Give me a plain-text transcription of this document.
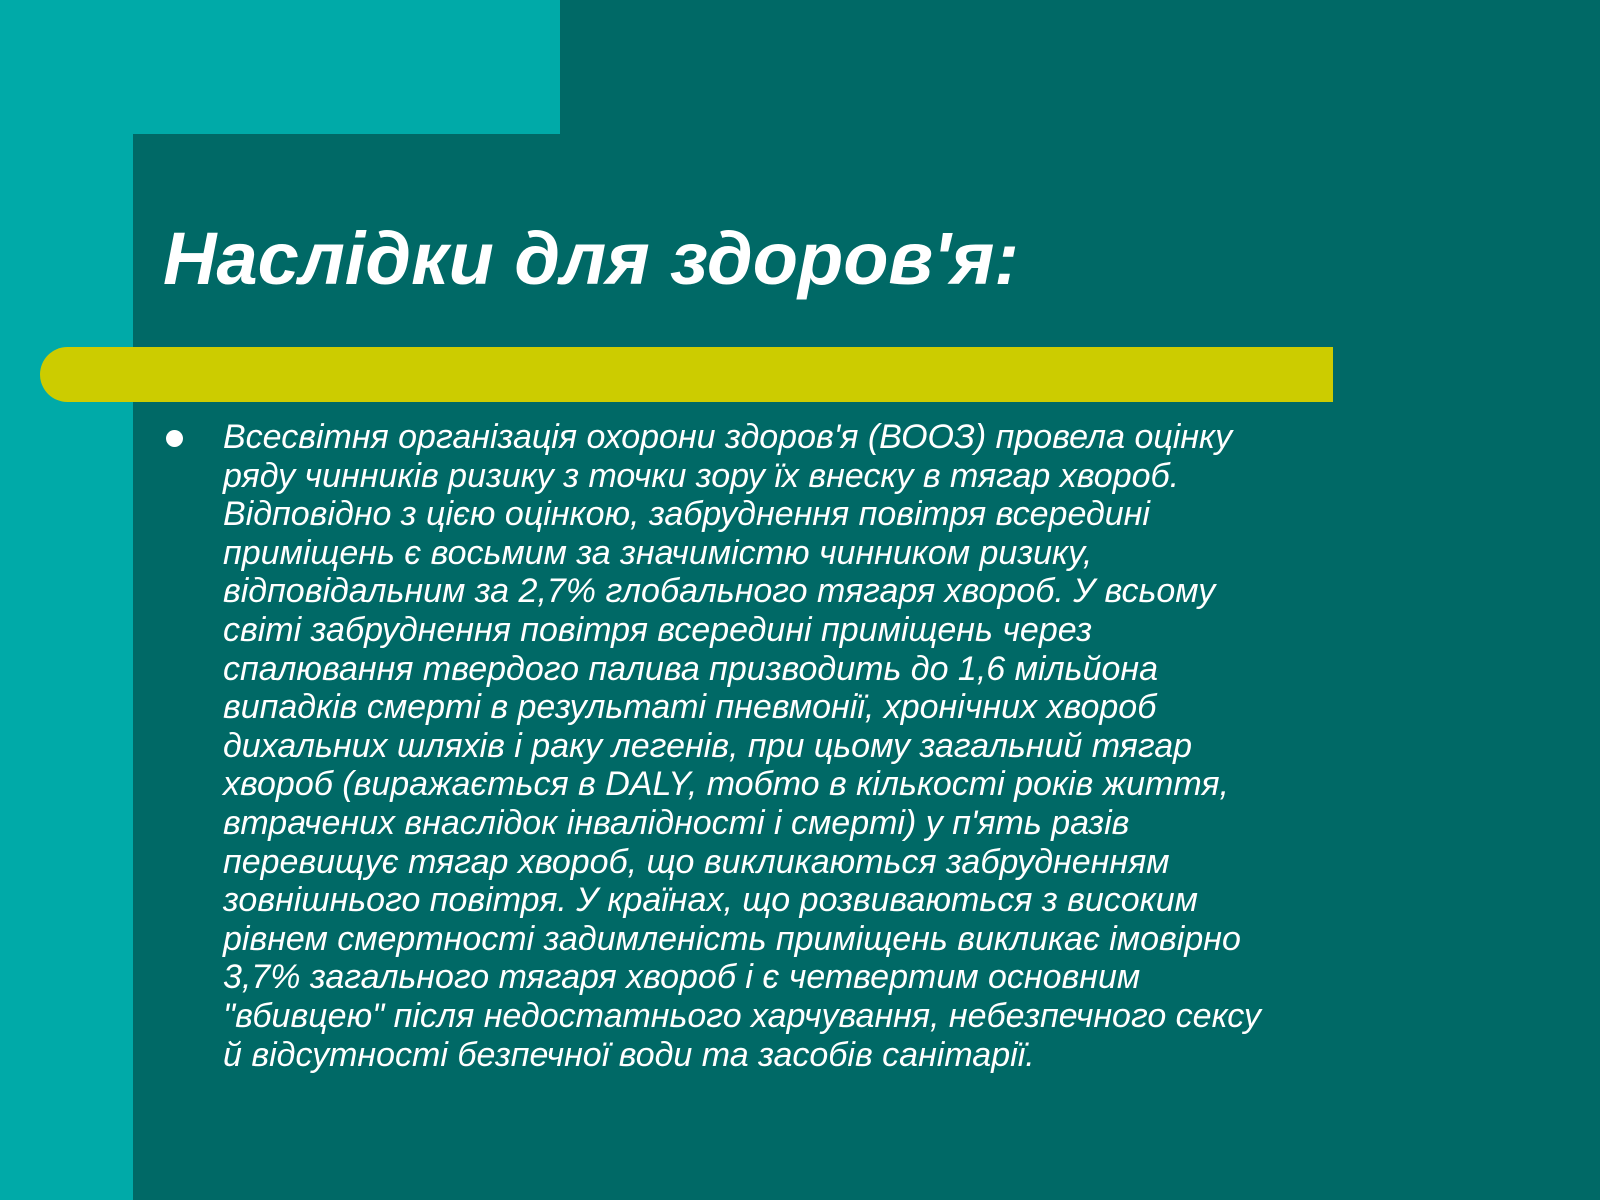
Наслідки для здоров'я:

Всесвітня організація охорони здоров'я (ВООЗ) провела оцінку
ряду чинників ризику з точки зору їх внеску в тягар хвороб.
Відповідно з цією оцінкою, забруднення повітря всередині
приміщень є восьмим за значимістю чинником ризику,
відповідальним за 2,7% глобального тягаря хвороб. У всьому
світі забруднення повітря всередині приміщень через
спалювання твердого палива призводить до 1,6 мільйона
випадків смерті в результаті пневмонії, хронічних хвороб
дихальних шляхів і раку легенів, при цьому загальний тягар
хвороб (виражається в DALY, тобто в кількості років життя,
втрачених внаслідок інвалідності і смерті) у п'ять разів
перевищує тягар хвороб, що викликаються забрудненням
зовнішнього повітря. У країнах, що розвиваються з високим
рівнем смертності задимленість приміщень викликає імовірно
3,7% загального тягаря хвороб і є четвертим основним
"вбивцею" після недостатнього харчування, небезпечного сексу
й відсутності безпечної води та засобів санітарії.
